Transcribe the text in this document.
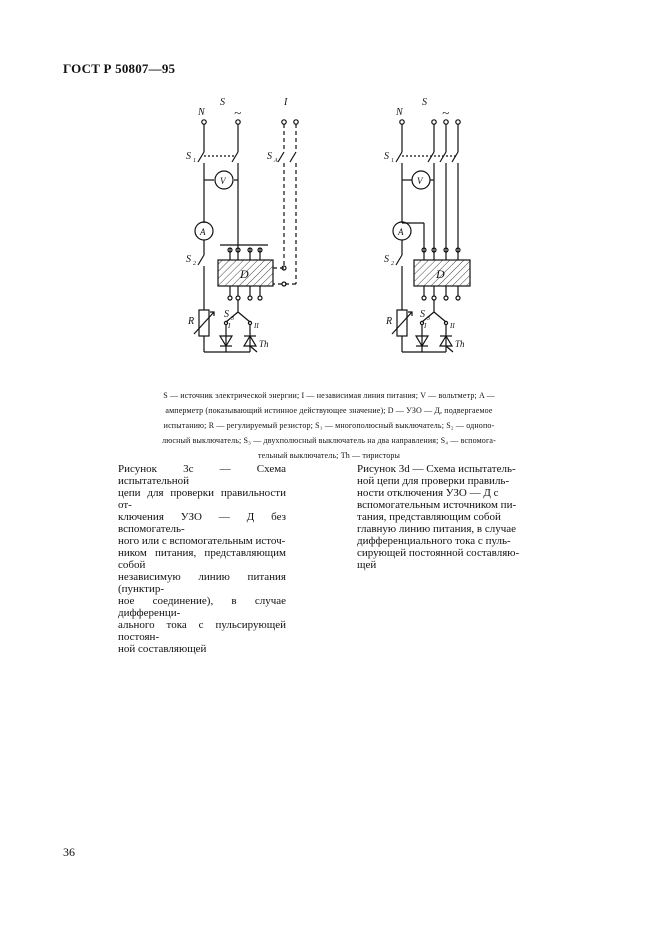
ГОСТ Р 50807—95
N
S
~
I
S 1	S A
V
A
S 2
D
R
S 3
I	II
Th
N
S
~
S 1
V
A
S 2
D
R
S 3
I	II
Th
S — источник электрической энергии; I — независимая линия питания; V — вольтметр; A —
амперметр (показывающий истинное действующее значение); D — УЗО — Д, подвергаемое
испытанию; R — регулируемый резистор; S₁ — многополюсный выключатель; S₂ — однопо-
люсный выключатель; S₃ — двухполюсный выключатель на два направления; S₄ — вспомога-
тельный выключатель; Th — тиристоры
Рисунок 3с — Схема испытательной
цепи для проверки правильности от-
ключения УЗО — Д без вспомогатель-
ного или с вспомогательным источ-
ником питания, представляющим собой
независимую линию питания (пунктир-
ное соединение), в случае дифференци-
ального тока с пульсирующей постоян-
ной составляющей
Рисунок 3d — Схема испытатель-
ной цепи для проверки правиль-
ности отключения УЗО — Д с
вспомогательным источником пи-
тания, представляющим собой
главную линию питания, в случае
дифференциального тока с пуль-
сирующей постоянной составляю-
щей
36
